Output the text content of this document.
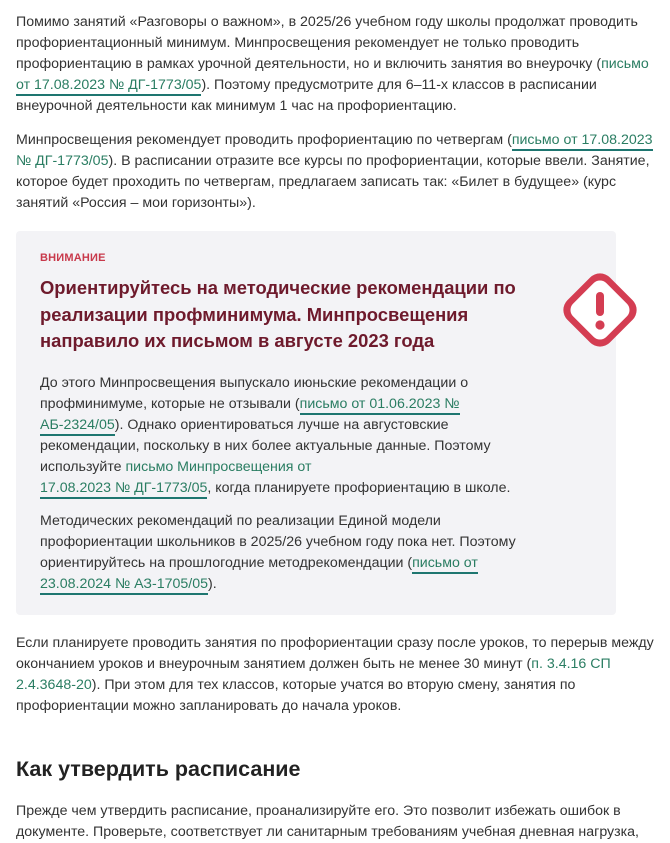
Помимо занятий «Разговоры о важном», в 2025/26 учебном году школы продолжат проводить профориентационный минимум. Минпросвещения рекомендует не только проводить профориентацию в рамках урочной деятельности, но и включить занятия во внеурочку (письмо
от 17.08.2023 № ДГ-1773/05). Поэтому предусмотрите для 6–11-х классов в расписании внеурочной деятельности как минимум 1 час на профориентацию.

Минпросвещения рекомендует проводить профориентацию по четвергам (письмо от 17.08.2023
№ ДГ-1773/05). В расписании отразите все курсы по профориентации, которые ввели. Занятие, которое будет проходить по четвергам, предлагаем записать так: «Билет в будущее» (курс занятий «Россия – мои горизонты»).

ВНИМАНИЕ
Ориентируйтесь на методические рекомендации по реализации профминимума. Минпросвещения направило их письмом в августе 2023 года

До этого Минпросвещения выпускало июньские рекомендации о профминимуме, которые не отзывали (письмо от 01.06.2023 № АБ-2324/05). Однако ориентироваться лучше на августовские рекомендации, поскольку в них более актуальные данные. Поэтому используйте письмо Минпросвещения от
17.08.2023 № ДГ-1773/05, когда планируете профориентацию в школе.

Методических рекомендаций по реализации Единой модели профориентации школьников в 2025/26 учебном году пока нет. Поэтому ориентируйтесь на прошлогодние методрекомендации (письмо от 23.08.2024 № АЗ-1705/05).

Если планируете проводить занятия по профориентации сразу после уроков, то перерыв между окончанием уроков и внеурочным занятием должен быть не менее 30 минут (п. 3.4.16 СП 2.4.3648-20). При этом для тех классов, которые учатся во вторую смену, занятия по профориентации можно запланировать до начала уроков.

Как утвердить расписание

Прежде чем утвердить расписание, проанализируйте его. Это позволит избежать ошибок в документе. Проверьте, соответствует ли санитарным требованиям учебная дневная нагрузка,
